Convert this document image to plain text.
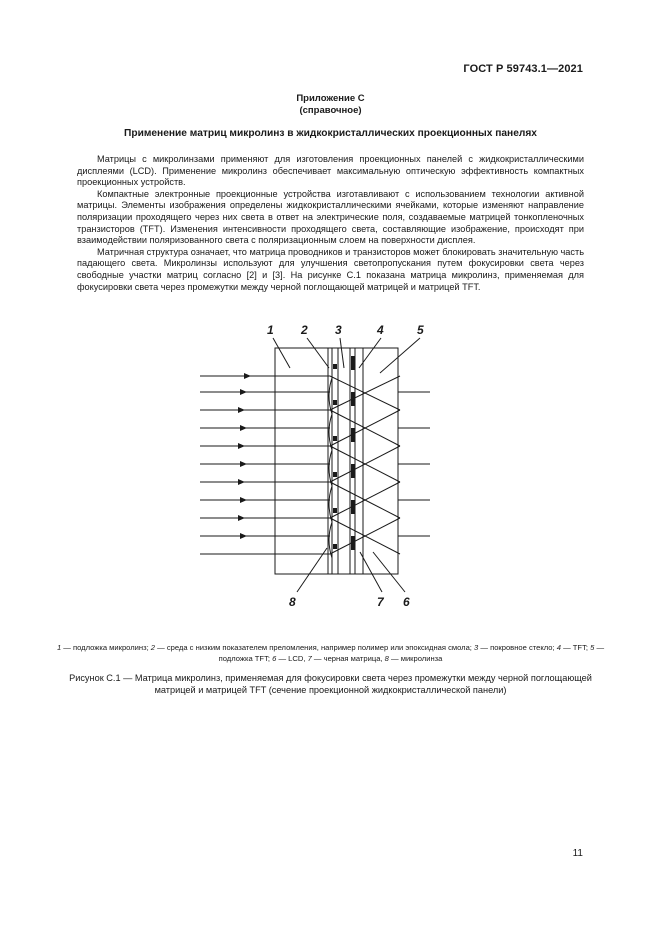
ГОСТ Р 59743.1—2021
Приложение С
(справочное)
Применение матриц микролинз в жидкокристаллических проекционных панелях

Матрицы с микролинзами применяют для изготовления проекционных панелей с жидкокристаллическими дисплеями (LCD). Применение микролинз обеспечивает максимальную оптическую эффективность компактных проекционных устройств.

Компактные электронные проекционные устройства изготавливают с использованием технологии активной матрицы. Элементы изображения определены жидкокристаллическими ячейками, которые изменяют направление поляризации проходящего через них света в ответ на электрические поля, создаваемые матрицей тонкопленочных транзисторов (TFT). Изменения интенсивности проходящего света, составляющие изображение, происходят при взаимодействии поляризованного света с поляризационным слоем на поверхности дисплея.

Матричная структура означает, что матрица проводников и транзисторов может блокировать значительную часть падающего света. Микролинзы используют для улучшения светопропускания путем фокусировки света через свободные участки матриц согласно [2] и [3]. На рисунке С.1 показана матрица микролинз, применяемая для фокусировки света через промежутки между черной поглощающей матрицей и матрицей TFT.

1 2 3	4	5
8	7 6
1 — подложка микролинз; 2 — среда с низким показателем преломления, например полимер или эпоксидная смола; 3 — покровное стекло; 4 — TFT; 5 — подложка TFT; 6 — LCD, 7 — черная матрица, 8 — микролинза
Рисунок С.1 — Матрица микролинз, применяемая для фокусировки света через промежутки между черной поглощающей матрицей и матрицей TFT (сечение проекционной жидкокристаллической панели)
11
